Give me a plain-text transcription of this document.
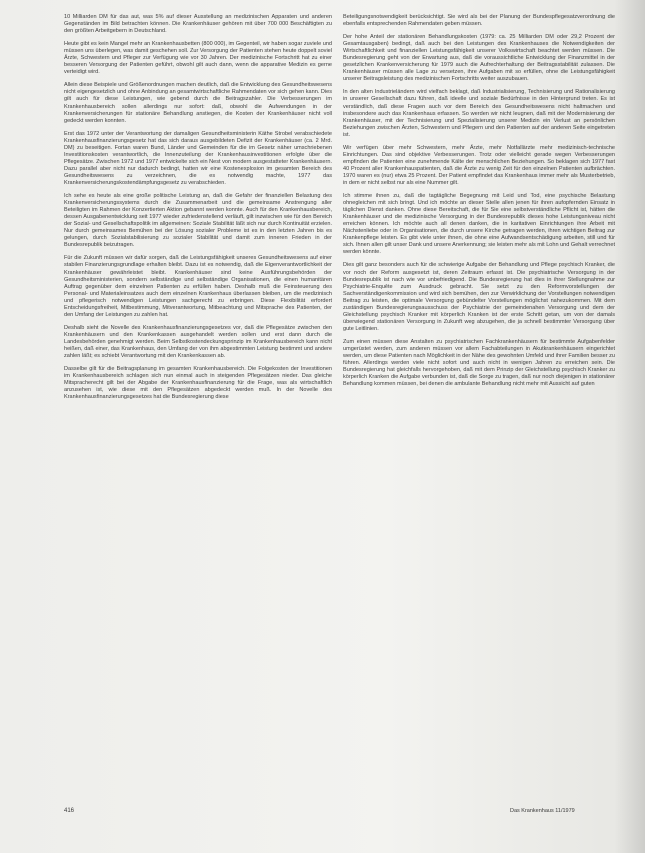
10 Milliarden DM für das aut, was 5% auf dieser Ausstellung an medizinischen Apparaten und anderen Gegenständen im Bild betrachten können. Die Krankenhäuser gehören mit über 700 000 Beschäftigten zu den größten Arbeitgebern in Deutschland.

Heute gibt es kein Mangel mehr an Krankenhausbetten (800 000), im Gegenteil, wir haben sogar zuviele und müssen uns überlegen, was damit geschehen soll. Zur Versorgung der Patienten stehen heute doppelt soviel Ärzte, Schwestern und Pfleger zur Verfügung wie vor 30 Jahren. Der medizinische Fortschritt hat zu einer besseren Versorgung der Patienten geführt, obwohl gilt auch dann, wenn die apparative Medizin es gerne verteidigt wird.

Allein diese Beispiele und Größenordnungen machen deutlich, daß die Entwicklung des Gesundheitswesens nicht eigengesetzlich und ohne Anbindung an gesamtwirtschaftliche Rahmendaten vor sich gehen kann. Dies gilt auch für diese Leistungen, wie gebend durch die Beitragszahler. Die Verbesserungen im Krankenhausbereich sollen allerdings nur sofort: daß, obwohl die Aufwendungen in der Krankenversicherungen für stationäre Behandlung anstiegen, die Kosten der Krankenhäuser nicht voll gedeckt werden konnten.

Erst das 1972 unter der Verantwortung der damaligen Gesundheitsministerin Käthe Strobel verabschiedete Krankenhausfinanzierungsgesetz hat das sich daraus ausgebildeten Defizit der Krankenhäuser (ca. 2 Mrd. DM) zu beseitigen. Fortan waren Bund, Länder und Gemeinden für die im Gesetz näher umschriebenen Investitionskosten verantwortlich, die Innenzuteilung der Krankenhausinvestitionen erfolgte über die Pflegesätze. Zwischen 1972 und 1977 entwickelte sich ein Nest von modern ausgestatteter Krankenhäusern. Dazu parallel aber nicht nur dadurch bedingt, hatten wir eine Kostenexplosion im gesamten Bereich des Gesundheitswesens zu verzeichnen, die es notwendig machte, 1977 das Krankenversicherungskostendämpfungsgesetz zu verabschieden.

Ich sehe es heute als eine große politische Leistung an, daß die Gefahr der finanziellen Belastung des Krankenversicherungssystems durch die Zusammenarbeit und die gemeinsame Anstrengung aller Beteiligten im Rahmen der Konzertierten Aktion gebannt werden konnte. Auch für den Krankenhausbereich, dessen Ausgabenentwicklung seit 1977 wieder zufriedenstellend verläuft, gilt inzwischen wie für den Bereich der Sozial- und Gesellschaftspolitik im allgemeinen: Soziale Stabilität läßt sich nur durch Kontinuität erzielen. Nur durch gemeinsames Bemühen bei der Lösung sozialer Probleme ist es in den letzten Jahren bis es gelungen, durch Sozialstabilisierung zu sozialer Stabilität und damit zum inneren Frieden in der Bundesrepublik beizutragen.

Für die Zukunft müssen wir dafür sorgen, daß die Leistungsfähigkeit unseres Gesundheitswesens auf einer stabilen Finanzierungsgrundlage erhalten bleibt. Dazu ist es notwendig, daß die Eigenverantwortlichkeit der Krankenhäuser gewährleistet bleibt. Krankenhäuser sind keine Ausführungsbehörden der Gesundheitsministerien, sondern selbständige und selbständige Organisationen, die einen humanitären Auftrag gegenüber dem einzelnen Patienten zu erfüllen haben. Deshalb muß die Feinsteuerung des Personal- und Materialeinsatzes auch dem einzelnen Krankenhaus überlassen bleiben, um die medizinisch und pflegerisch notwendigen Leistungen sachgerecht zu erbringen. Diese Flexibilität erfordert Entscheidungsfreiheit, Mitbestimmung, Mitverantwortung, Mitbeachtung und Mitsprache des Patienten, der den Umfang der Leistungen zu zahlen hat.

Deshalb sieht die Novelle des Krankenhausfinanzierungsgesetzes vor, daß die Pflegesätze zwischen den Krankenhäusern und den Krankenkassen ausgehandelt werden sollen und erst dann durch die Landesbehörden genehmigt werden. Beim Selbstkostendeckungsprinzip im Krankenhausbereich kann nicht heißen, daß einer, das Krankenhaus, den Umfang der von ihm abgestimmten Leistung bestimmt und andere zahlen läßt; es schiebt Verantwortung mit den Krankenkassen ab.

Dasselbe gilt für die Beitragsplanung im gesamten Krankenhausbereich. Die Folgekosten der Investitionen im Krankenhausbereich schlagen sich nun einmal auch in steigenden Pflegesätzen nieder. Das gleiche Mitspracherecht gilt bei der Abgabe der Krankenhausfinanzierung für die Frage, was als wirtschaftlich anzusehen ist, wie diese mit den Pflegesätzen abgedeckt werden muß. In der Novelle des Krankenhausfinanzierungsgesetzes hat die Bundesregierung diese

Beteiligungsnotwendigkeit berücksichtigt. Sie wird als bei der Planung der Bundespflegesatzverordnung die ebenfalls entsprechenden Rahmendaten geben müssen.

Der hohe Anteil der stationären Behandlungskosten (1979: ca. 25 Milliarden DM oder 29,2 Prozent der Gesamtausgaben) bedingt, daß auch bei den Leistungen des Krankenhauses die Notwendigkeiten der Wirtschaftlichkeit und finanziellen Leistungsfähigkeit unserer Volkswirtschaft beachtet werden müssen. Die Bundesregierung geht von der Erwartung aus, daß die voraussichtliche Entwicklung der Finanzmittel in der gesetzlichen Krankenversicherung für 1979 auch die Aufrechterhaltung der Beitragsstabilität zulassen. Die Krankenhäuser müssen alle Lage zu versetzen, ihre Aufgaben mit so erfüllen, ohne die Leistungsfähigkeit unserer Beitragsleistung des medizinischen Fortschritts weiter auszubauen.

In den alten Industrieländern wird vielfach beklagt, daß Industrialisierung, Technisierung und Rationalisierung in unserer Gesellschaft dazu führen, daß ideelle und soziale Bedürfnisse in den Hintergrund treten. Es ist verständlich, daß diese Fragen auch vor dem Bereich des Gesundheitswesens nicht haltmachen und insbesondere auch das Krankenhaus erfassen. So werden wir nicht leugnen, daß mit der Modernisierung der Krankenhäuser, mit der Technisierung und Spezialisierung unserer Medizin ein Verlust an persönlichen Beziehungen zwischen Ärzten, Schwestern und Pflegern und den Patienten auf der anderen Seite eingetreten ist.

Wir verfügen über mehr Schwestern, mehr Ärzte, mehr Notfallärzte mehr medizinisch-technische Einrichtungen. Das sind objektive Verbesserungen. Trotz oder vielleicht gerade wegen Verbesserungen empfinden die Patienten eine zunehmende Kälte der menschlichen Beziehungen. So beklagen sich 1977 fast 40 Prozent aller Krankenhauspatienten, daß die Ärzte zu wenig Zeit für den einzelnen Patienten aufbrächten. 1970 waren es (nur) etwa 25 Prozent. Der Patient empfindet das Krankenhaus immer mehr als Musterbetrieb, in dem er nicht selbst nur als eine Nummer gilt.

Ich stimme ihnen zu, daß die tagtägliche Begegnung mit Leid und Tod, eine psychische Belastung ohnegleichen mit sich bringt. Und ich möchte an dieser Stelle allen jenen für ihren aufopfernden Einsatz in täglichen Dienst danken. Ohne diese Bereitschaft, die für Sie eine selbstverständliche Pflicht ist, hätten die Krankenhäuser und die medizinische Versorgung in der Bundesrepublik dieses hohe Leistungsniveau nicht erreichen können. Ich möchte auch all denen danken, die in karitativen Einrichtungen ihre Arbeit mit Nächstenliebe oder in Organisationen, die durch unsere Kirche getragen werden, ihren wichtigen Beitrag zur Krankenpflege leisten. Es gibt viele unter ihnen, die ohne eine Aufwandsentschädigung arbeiten, still und für sich. Ihnen allen gilt unser Dank und unsere Anerkennung; sie leisten mehr als mit Lohn und Gehalt verrechnet werden könnte.

Dies gilt ganz besonders auch für die schwierige Aufgabe der Behandlung und Pflege psychisch Kranker, die vor noch der Reform ausgesetzt ist, deren Zeitraum erfasst ist. Die psychiatrische Versorgung in der Bundesrepublik ist nach wie vor unbefriedigend. Die Bundesregierung hat dies in ihrer Stellungnahme zur Psychiatrie-Enquête zum Ausdruck gebracht. Sie setzt zu den Reformvorstellungen der Sachverständigenkommission und wird sich bemühen, den zur Verwirklichung der Vorstellungen notwendigen Beitrag zu leisten, die optimale Versorgung gebündelter Vorstellungen möglichst nahezukommen. Mit dem zuständigen Bundesregierungsausschuss der Psychiatrie der gemeindenahen Versorgung und dem der Gleichstellung psychisch Kranker mit körperlich Kranken ist der erste Schritt getan, um von der damals überwiegend stationären Versorgung in Zukunft weg abzugehen, die ja schnell bestimmter Versorgung über gute Leitlinien.

Zum einen müssen diese Anstalten zu psychiatrischen Fachkrankenhäusern für bestimmte Aufgabenfelder umgerüstet werden, zum anderen müssen vor allem Fachabteilungen in Akutkrankenhäusern eingerichtet werden, um diese Patienten nach Möglichkeit in der Nähe des gewohnten Umfeld und ihrer Familien besser zu führen. Allerdings werden viele nicht sofort und auch nicht in wenigen Jahren zu erreichen sein. Die Bundesregierung hat gleichfalls hervorgehoben, daß mit dem Prinzip der Gleichstellung psychisch Kranker zu körperlich Kranken die Aufgabe verbunden ist, daß die Sorge zu tragen, daß nur noch diejenigen in stationärer Behandlung kommen müssen, bei denen die ambulante Behandlung nicht mehr mit Aussicht auf guten

416	Das Krankenhaus 11/1979
